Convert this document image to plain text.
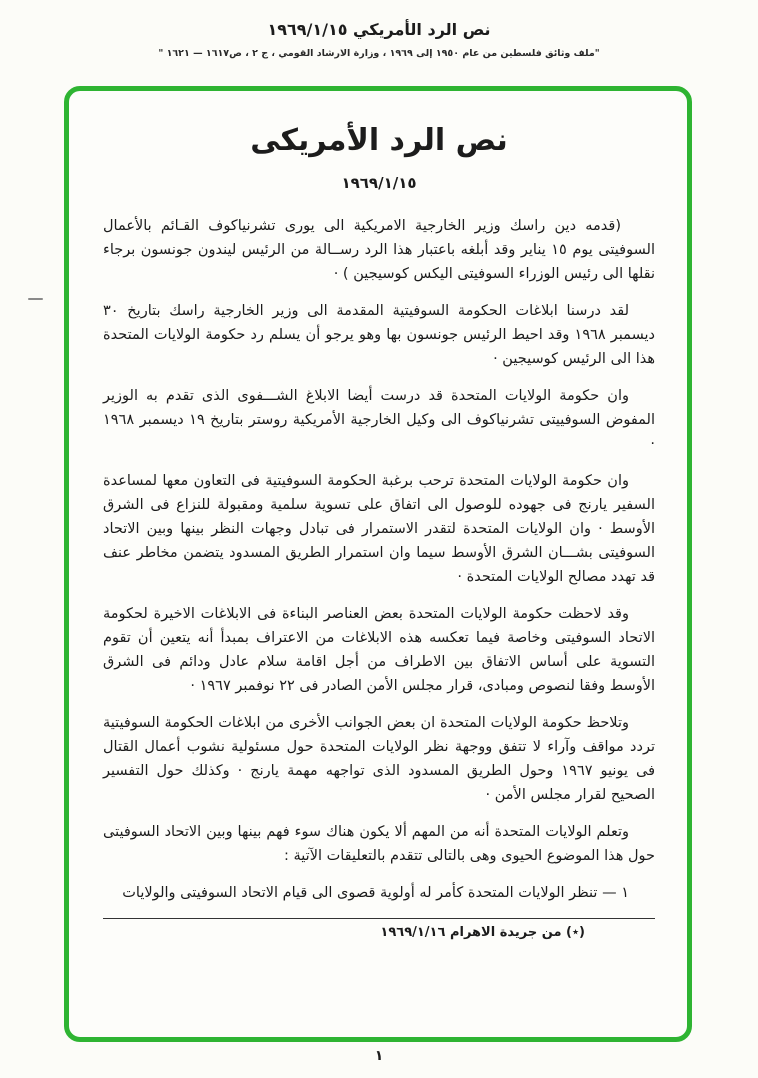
نص الرد الأمريكي ١٩٦٩/١/١٥
"ملف وثائق فلسطين من عام ١٩٥٠ إلى ١٩٦٩ ، وزارة الارشاد القومي ، ج ٢ ، ص١٦١٧ — ١٦٢١ "
نص الرد الأمريكى
١٩٦٩/١/١٥

(قدمه دين راسك وزير الخارجية الامريكية الى يورى تشرنياكوف القـائم بالأعمال السوفيتى يوم ١٥ يناير وقد أبلغه باعتبار هذا الرد رســالة من الرئيس ليندون جونسون برجاء نقلها الى رئيس الوزراء السوفيتى اليكس كوسيجين ) ·

لقد درسنا ابلاغات الحكومة السوفيتية المقدمة الى وزير الخارجية راسك بتاريخ ٣٠ ديسمبر ١٩٦٨ وقد احيط الرئيس جونسون بها وهو يرجو أن يسلم رد حكومة الولايات المتحدة هذا الى الرئيس كوسيجين ·

وان حكومة الولايات المتحدة قد درست أيضا الابلاغ الشـــفوى الذى تقدم به الوزير المفوض السوفييتى تشرنياكوف الى وكيل الخارجية الأمريكية روستر بتاريخ ١٩ ديسمبر ١٩٦٨ ·

وان حكومة الولايات المتحدة ترحب برغبة الحكومة السوفيتية فى التعاون معها لمساعدة السفير يارنج فى جهوده للوصول الى اتفاق على تسوية سلمية ومقبولة للنزاع فى الشرق الأوسط · وان الولايات المتحدة لتقدر الاستمرار فى تبادل وجهات النظر بينها وبين الاتحاد السوفيتى بشـــان الشرق الأوسط سيما وان استمرار الطريق المسدود يتضمن مخاطر عنف قد تهدد مصالح الولايات المتحدة ·

وقد لاحظت حكومة الولايات المتحدة بعض العناصر البناءة فى الابلاغات الاخيرة لحكومة الاتحاد السوفيتى وخاصة فيما تعكسه هذه الابلاغات من الاعتراف بمبدأ أنه يتعين أن تقوم التسوية على أساس الاتفاق بين الاطراف من أجل اقامة سلام عادل ودائم فى الشرق الأوسط وفقا لنصوص ومبادى، قرار مجلس الأمن الصادر فى ٢٢ نوفمبر ١٩٦٧ ·

وتلاحظ حكومة الولايات المتحدة ان بعض الجوانب الأخرى من ابلاغات الحكومة السوفيتية تردد مواقف وآراء لا تتفق ووجهة نظر الولايات المتحدة حول مسئولية نشوب أعمال القتال فى يونيو ١٩٦٧ وحول الطريق المسدود الذى تواجهه مهمة يارنج · وكذلك حول التفسير الصحيح لقرار مجلس الأمن ·

وتعلم الولايات المتحدة أنه من المهم ألا يكون هناك سوء فهم بينها وبين الاتحاد السوفيتى حول هذا الموضوع الحيوى وهى بالتالى تتقدم بالتعليقات الآتية :

١ — تنظر الولايات المتحدة كأمر له أولوية قصوى الى قيام الاتحاد السوفيتى والولايات

(٭) من جريدة الاهرام ١٩٦٩/١/١٦
١
